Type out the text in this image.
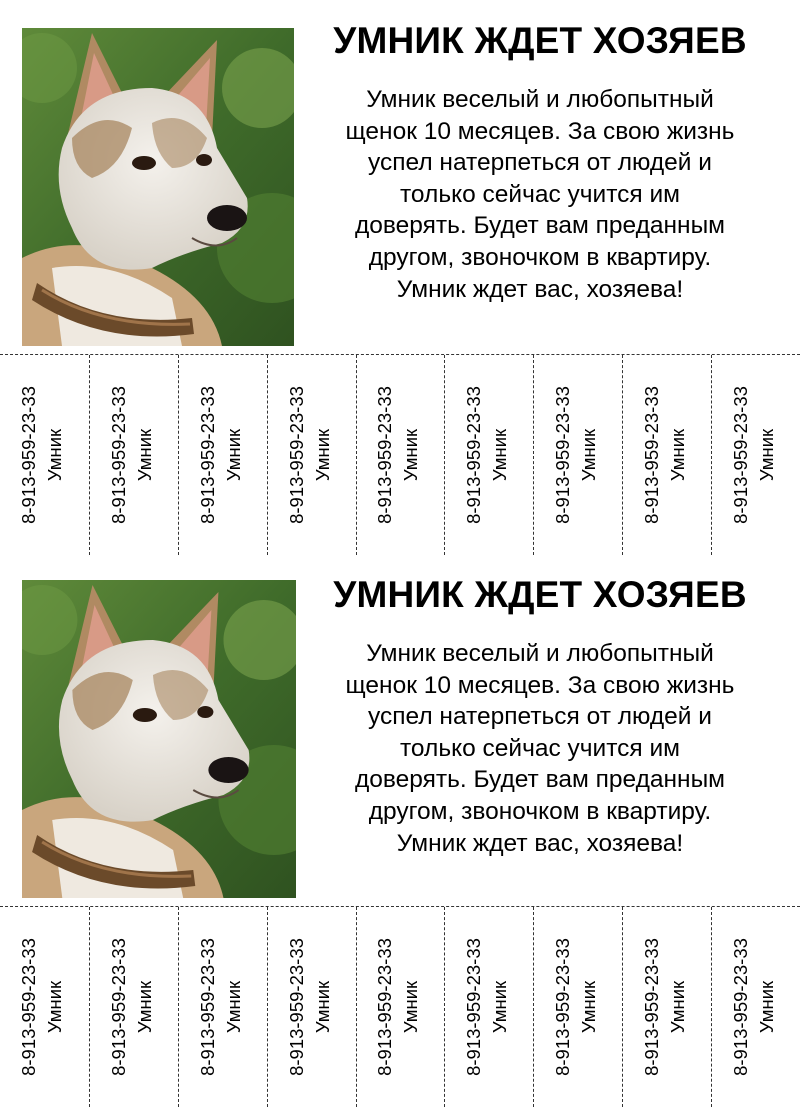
УМНИК ЖДЕТ ХОЗЯЕВ
Умник веселый и любопытный
щенок 10 месяцев. За свою жизнь
успел натерпеться от людей и
только сейчас учится им
доверять. Будет вам преданным
другом, звоночком в квартиру.
Умник ждет вас, хозяева!
8-913-959-23-33 Умник 8-913-959-23-33 Умник 8-913-959-23-33 Умник 8-913-959-23-33 Умник 8-913-959-23-33 Умник 8-913-959-23-33 Умник 8-913-959-23-33 Умник 8-913-959-23-33 Умник 8-913-959-23-33 Умник
УМНИК ЖДЕТ ХОЗЯЕВ
Умник веселый и любопытный
щенок 10 месяцев. За свою жизнь
успел натерпеться от людей и
только сейчас учится им
доверять. Будет вам преданным
другом, звоночком в квартиру.
Умник ждет вас, хозяева!
8-913-959-23-33 Умник 8-913-959-23-33 Умник 8-913-959-23-33 Умник 8-913-959-23-33 Умник 8-913-959-23-33 Умник 8-913-959-23-33 Умник 8-913-959-23-33 Умник 8-913-959-23-33 Умник 8-913-959-23-33 Умник
